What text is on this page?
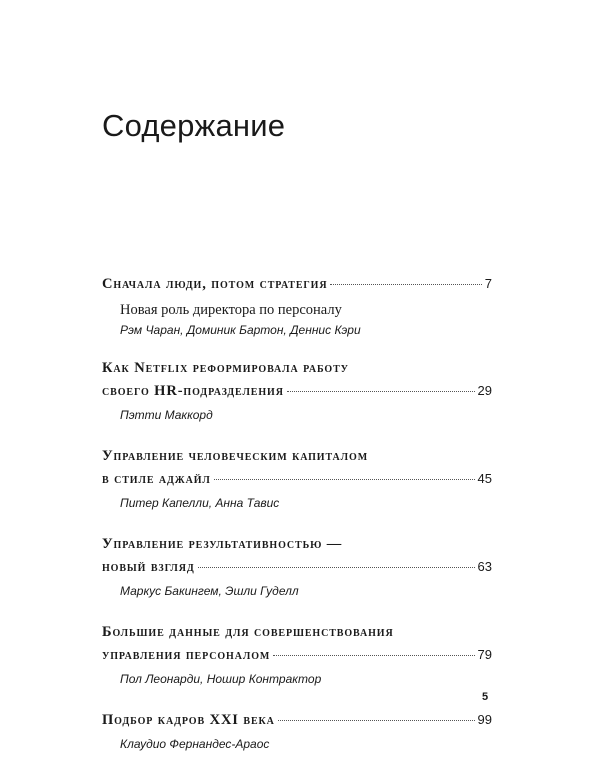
Содержание
Сначала люди, потом стратегия	7
Новая роль директора по персоналу
Рэм Чаран, Доминик Бартон, Деннис Кэри
Как Netflix реформировала работу
своего HR-подразделения	29
Пэтти Маккорд
Управление человеческим капиталом
в стиле аджайл	45
Питер Капелли, Анна Тавис
Управление результативностью —
новый взгляд	63
Маркус Бакингем, Эшли Гуделл
Большие данные для совершенствования
управления персоналом	79
Пол Леонарди, Ношир Контрактор
Подбор кадров XXI века	99
Клаудио Фернандес-Араос
5
